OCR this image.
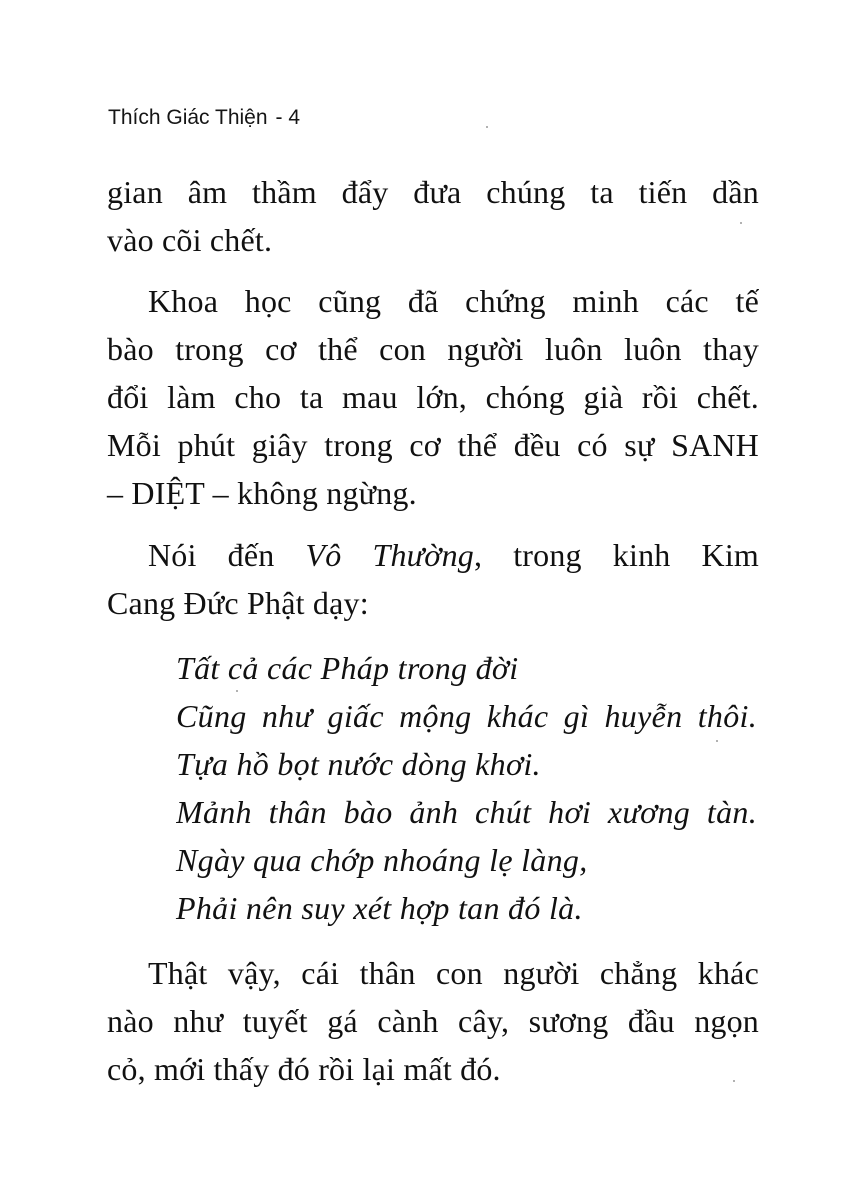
Thích Giác Thiện - 4
gian âm thầm đẩy đưa chúng ta tiến dần
vào cõi chết.
Khoa học cũng đã chứng minh các tế
bào trong cơ thể con người luôn luôn thay
đổi làm cho ta mau lớn, chóng già rồi chết.
Mỗi phút giây trong cơ thể đều có sự SANH
– DIỆT – không ngừng.
Nói đến Vô Thường, trong kinh Kim
Cang Đức Phật dạy:
Tất cả các Pháp trong đời
Cũng như giấc mộng khác gì huyễn thôi.
Tựa hồ bọt nước dòng khơi.
Mảnh thân bào ảnh chút hơi xương tàn.
Ngày qua chớp nhoáng lẹ làng,
Phải nên suy xét hợp tan đó là.
Thật vậy, cái thân con người chẳng khác
nào như tuyết gá cành cây, sương đầu ngọn
cỏ, mới thấy đó rồi lại mất đó.
